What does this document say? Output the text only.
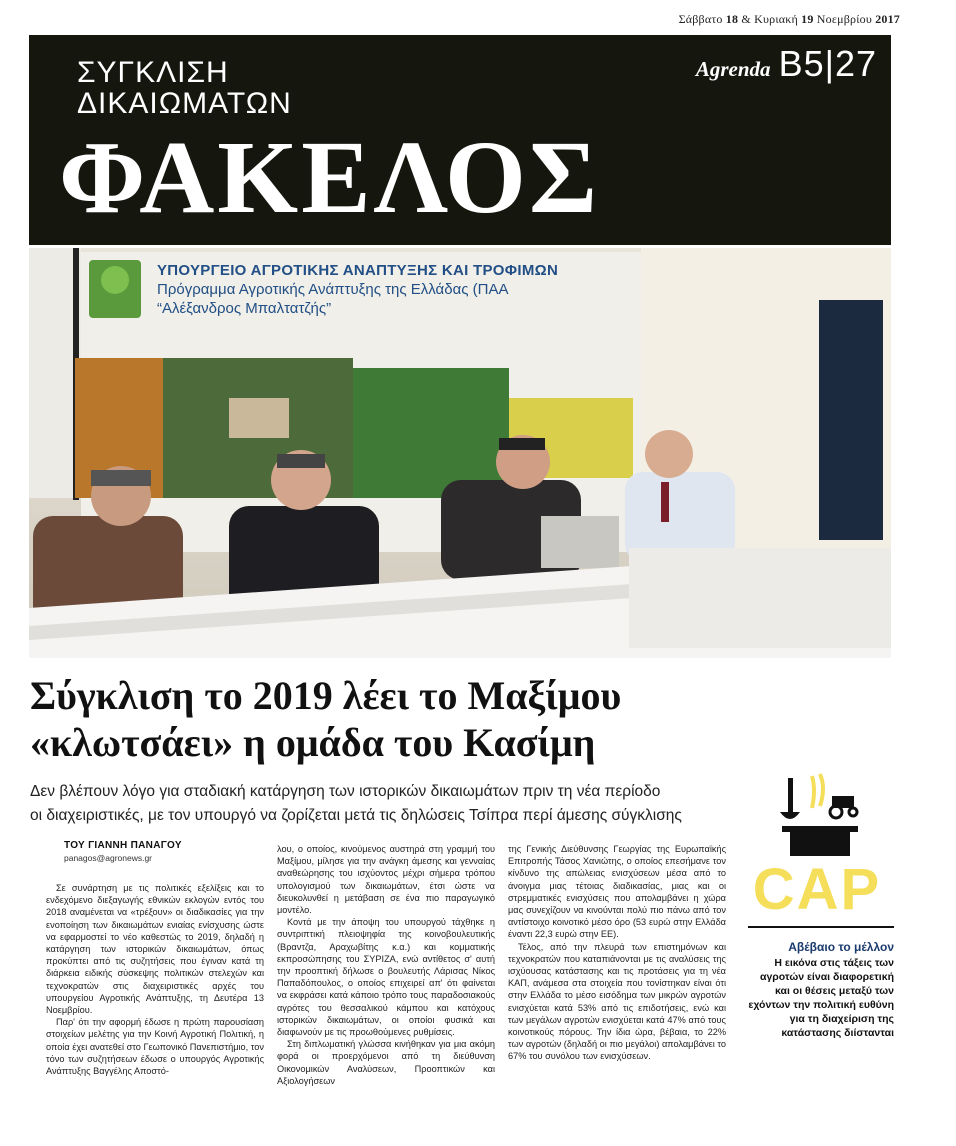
Σάββατο 18 & Κυριακή 19 Νοεμβρίου 2017
ΣΥΓΚΛΙΣΗ
ΔΙΚΑΙΩΜΑΤΩΝ
ΦΑΚΕΛΟΣ
Agrenda B5|27
ΥΠΟΥΡΓΕΙΟ ΑΓΡΟΤΙΚΗΣ ΑΝΑΠΤΥΞΗΣ ΚΑΙ ΤΡΟΦΙΜΩΝ
Πρόγραμμα Αγροτικής Ανάπτυξης της Ελλάδας (ΠΑΑ
“Αλέξανδρος Μπαλτατζής”
Σύγκλιση το 2019 λέει το Μαξίμου
«κλωτσάει» η ομάδα του Κασίμη
Δεν βλέπουν λόγο για σταδιακή κατάργηση των ιστορικών δικαιωμάτων πριν τη νέα περίοδο
οι διαχειριστικές, με τον υπουργό να ζορίζεται μετά τις δηλώσεις Τσίπρα περί άμεσης σύγκλισης
ΤΟΥ ΓΙΑΝΝΗ ΠΑΝΑΓΟΥ
panagos@agronews.gr

Σε συνάρτηση με τις πολιτικές εξελίξεις και το ενδεχόμενο διεξαγωγής εθνικών εκλογών εντός του 2018 αναμένεται να «τρέξουν» οι διαδικασίες για την ενοποίηση των δικαιωμάτων ενιαίας ενίσχυσης ώστε να εφαρμοστεί το νέο καθεστώς το 2019, δηλαδή η κατάργηση των ιστορικών δικαιωμάτων, όπως προκύπτει από τις συζητήσεις που έγιναν κατά τη διάρκεια ειδικής σύσκεψης πολιτικών στελεχών και τεχνοκρατών στις διαχειριστικές αρχές του υπουργείου Αγροτικής Ανάπτυξης, τη Δευτέρα 13 Νοεμβρίου.

Παρ' ότι την αφορμή έδωσε η πρώτη παρουσίαση στοιχείων μελέτης για την Κοινή Αγροτική Πολιτική, η οποία έχει ανατεθεί στο Γεωπονικό Πανεπιστήμιο, τον τόνο των συζητήσεων έδωσε ο υπουργός Αγροτικής Ανάπτυξης Βαγγέλης Αποστό-

λου, ο οποίος, κινούμενος αυστηρά στη γραμμή του Μαξίμου, μίλησε για την ανάγκη άμεσης και γενναίας αναθεώρησης του ισχύοντος μέχρι σήμερα τρόπου υπολογισμού των δικαιωμάτων, έτσι ώστε να διευκολυνθεί η μετάβαση σε ένα πιο παραγωγικό μοντέλο.

Κοντά με την άποψη του υπουργού τάχθηκε η συντριπτική πλειοψηφία της κοινοβουλευτικής (Βραντζα, Αραχωβίτης κ.α.) και κομματικής εκπροσώπησης του ΣΥΡΙΖΑ, ενώ αντίθετος σ' αυτή την προοπτική δήλωσε ο βουλευτής Λάρισας Νίκος Παπαδόπουλος, ο οποίος επιχειρεί απ' ότι φαίνεται να εκφράσει κατά κάποιο τρόπο τους παραδοσιακούς αγρότες του θεσσαλικού κάμπου και κατόχους ιστορικών δικαιωμάτων, οι οποίοι φυσικά και διαφωνούν με τις προωθούμενες ρυθμίσεις.

Στη διπλωματική γλώσσα κινήθηκαν για μια ακόμη φορά οι προερχόμενοι από τη διεύθυνση Οικονομικών Αναλύσεων, Προοπτικών και Αξιολογήσεων

της Γενικής Διεύθυνσης Γεωργίας της Ευρωπαϊκής Επιτροπής Τάσος Χανιώτης, ο οποίος επεσήμανε τον κίνδυνο της απώλειας ενισχύσεων μέσα από το άνοιγμα μιας τέτοιας διαδικασίας, μιας και οι στρεμματικές ενισχύσεις που απολαμβάνει η χώρα μας συνεχίζουν να κινούνται πολύ πιο πάνω από τον αντίστοιχο κοινοτικό μέσο όρο (53 ευρώ στην Ελλάδα έναντι 22,3 ευρώ στην ΕΕ).

Τέλος, από την πλευρά των επιστημόνων και τεχνοκρατών που καταπιάνονται με τις αναλύσεις της ισχύουσας κατάστασης και τις προτάσεις για τη νέα ΚΑΠ, ανάμεσα στα στοιχεία που τονίστηκαν είναι ότι στην Ελλάδα το μέσο εισόδημα των μικρών αγροτών ενισχύεται κατά 53% από τις επιδοτήσεις, ενώ και των μεγάλων αγροτών ενισχύεται κατά 47% από τους κοινοτικούς πόρους. Την ίδια ώρα, βέβαια, το 22% των αγροτών (δηλαδή οι πιο μεγάλοι) απολαμβάνει το 67% του συνόλου των ενισχύσεων.

CAP
Αβέβαιο το μέλλον
Η εικόνα στις τάξεις των αγροτών είναι διαφορετική και οι θέσεις μεταξύ των εχόντων την πολιτική ευθύνη για τη διαχείριση της κατάστασης διίστανται
